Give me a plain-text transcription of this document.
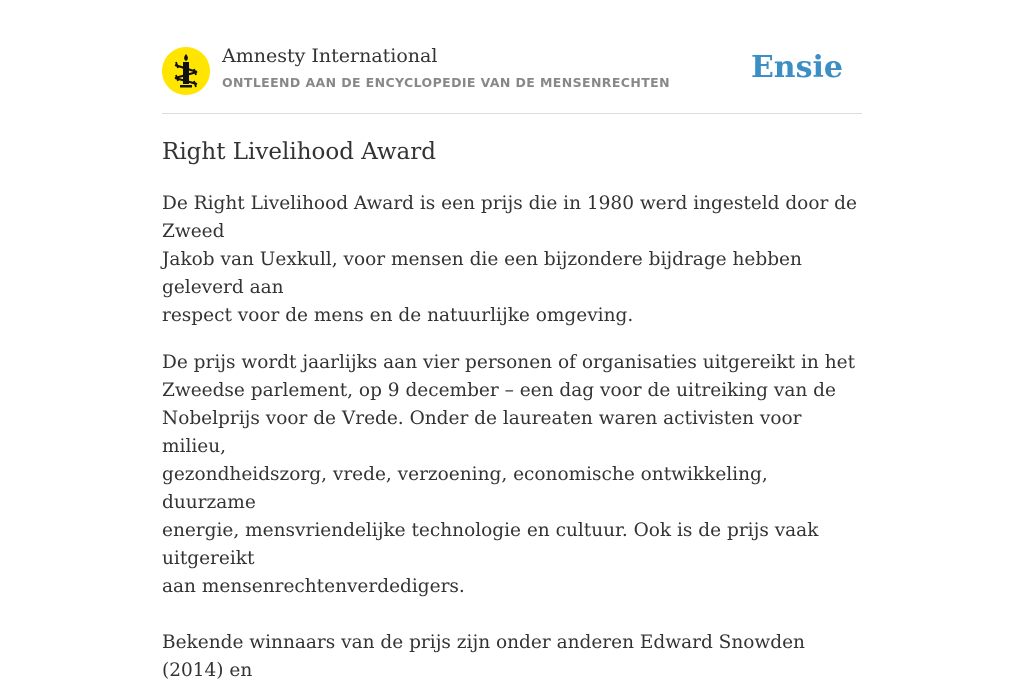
Amnesty International
ONTLEEND AAN DE ENCYCLOPEDIE VAN DE MENSENRECHTEN	Ensie
Right Livelihood Award

De Right Livelihood Award is een prijs die in 1980 werd ingesteld door de Zweed
Jakob van Uexkull, voor mensen die een bijzondere bijdrage hebben geleverd aan
respect voor de mens en de natuurlijke omgeving.

De prijs wordt jaarlijks aan vier personen of organisaties uitgereikt in het
Zweedse parlement, op 9 december – een dag voor de uitreiking van de
Nobelprijs voor de Vrede. Onder de laureaten waren activisten voor milieu,
gezondheidszorg, vrede, verzoening, economische ontwikkeling, duurzame
energie, mensvriendelijke technologie en cultuur. Ook is de prijs vaak uitgereikt
aan mensenrechtenverdedigers.

Bekende winnaars van de prijs zijn onder anderen Edward Snowden (2014) en
